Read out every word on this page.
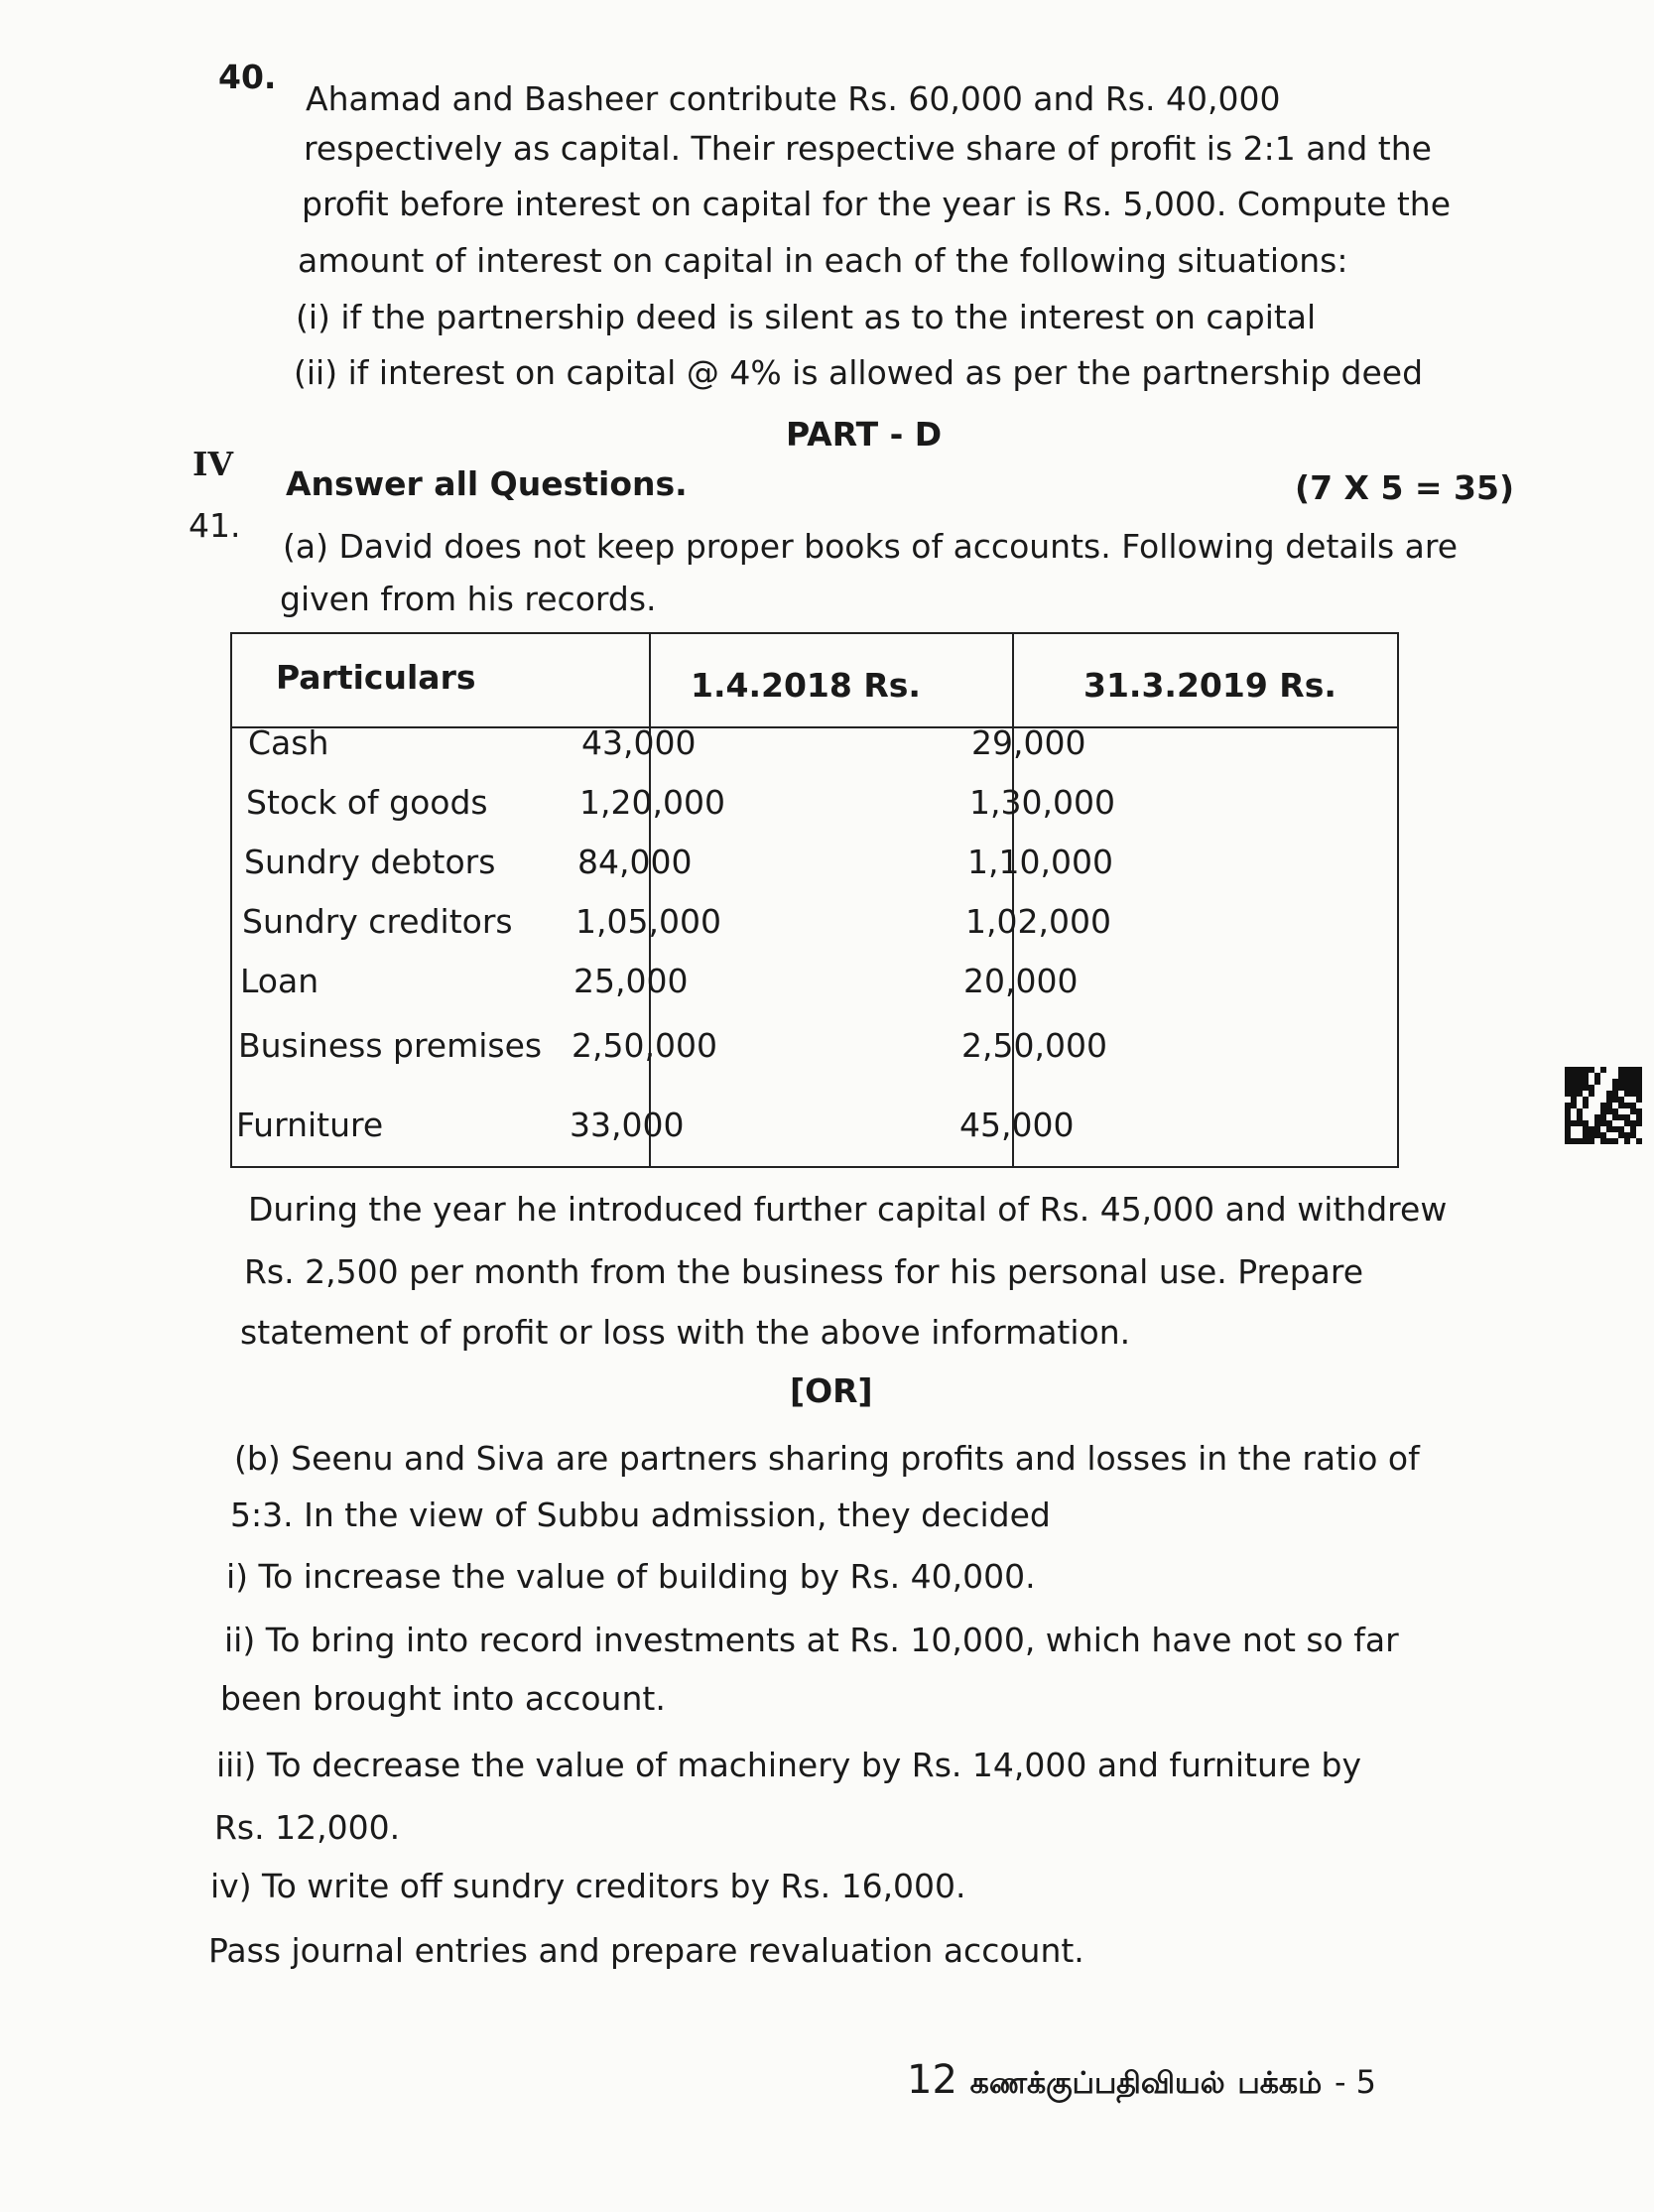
40.
Ahamad and Basheer contribute Rs. 60,000 and Rs. 40,000
respectively as capital. Their respective share of profit is 2:1 and the
profit before interest on capital for the year is Rs. 5,000. Compute the
amount of interest on capital in each of the following situations:
(i) if the partnership deed is silent as to the interest on capital
(ii) if interest on capital @ 4% is allowed as per the partnership deed
PART - D
IV
Answer all Questions.	(7 X 5 = 35)
41.
(a) David does not keep proper books of accounts. Following details are
given from his records.
Particulars	1.4.2018 Rs.	31.3.2019 Rs.
Cash	43,000	29,000
Stock of goods	1,20,000	1,30,000
Sundry debtors	84,000	1,10,000
Sundry creditors 1,05,000	1,02,000
Loan	25,000	20,000
Business premises 2,50,000	2,50,000
Furniture	33,000	45,000
During the year he introduced further capital of Rs. 45,000 and withdrew
Rs. 2,500 per month from the business for his personal use. Prepare
statement of profit or loss with the above information.
[OR]
(b) Seenu and Siva are partners sharing profits and losses in the ratio of
5:3. In the view of Subbu admission, they decided
i) To increase the value of building by Rs. 40,000.
ii) To bring into record investments at Rs. 10,000, which have not so far
been brought into account.
iii) To decrease the value of machinery by Rs. 14,000 and furniture by
Rs. 12,000.
iv) To write off sundry creditors by Rs. 16,000.
Pass journal entries and prepare revaluation account.
12 கணக்குப்பதிவியல் பக்கம் - 5
